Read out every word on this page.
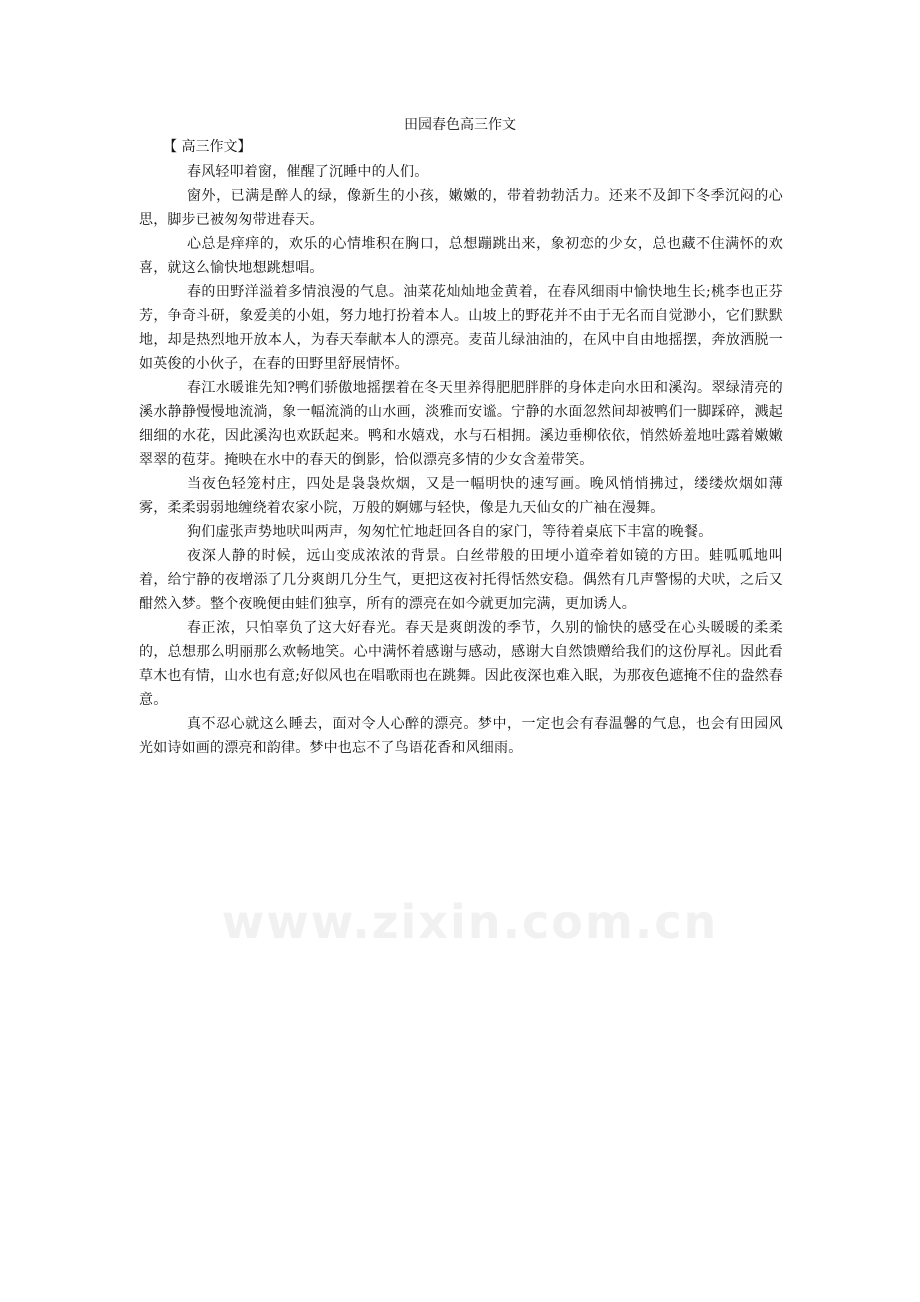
www.zixin.com.cn
田园春色高三作文
【 高三作文】

春风轻叩着窗，催醒了沉睡中的人们。

窗外，已满是醉人的绿，像新生的小孩，嫩嫩的，带着勃勃活力。还来不及卸下冬季沉闷的心思，脚步已被匆匆带进春天。

心总是痒痒的，欢乐的心情堆积在胸口，总想蹦跳出来，象初恋的少女，总也藏不住满怀的欢喜，就这么愉快地想跳想唱。

春的田野洋溢着多情浪漫的气息。油菜花灿灿地金黄着，在春风细雨中愉快地生长;桃李也正芬芳，争奇斗研，象爱美的小姐，努力地打扮着本人。山坡上的野花并不由于无名而自觉渺小，它们默默地，却是热烈地开放本人，为春天奉献本人的漂亮。麦苗儿绿油油的，在风中自由地摇摆，奔放洒脱一如英俊的小伙子，在春的田野里舒展情怀。

春江水暖谁先知?鸭们骄傲地摇摆着在冬天里养得肥肥胖胖的身体走向水田和溪沟。翠绿清亮的溪水静静慢慢地流淌，象一幅流淌的山水画，淡雅而安谧。宁静的水面忽然间却被鸭们一脚踩碎，溅起细细的水花，因此溪沟也欢跃起来。鸭和水嬉戏，水与石相拥。溪边垂柳依依，悄然娇羞地吐露着嫩嫩翠翠的苞芽。掩映在水中的春天的倒影，恰似漂亮多情的少女含羞带笑。

当夜色轻笼村庄，四处是袅袅炊烟，又是一幅明快的速写画。晚风悄悄拂过，缕缕炊烟如薄雾，柔柔弱弱地缠绕着农家小院，万般的婀娜与轻快，像是九天仙女的广袖在漫舞。

狗们虚张声势地吠叫两声，匆匆忙忙地赶回各自的家门，等待着桌底下丰富的晚餐。

夜深人静的时候，远山变成浓浓的背景。白丝带般的田埂小道牵着如镜的方田。蛙呱呱地叫着，给宁静的夜增添了几分爽朗几分生气，更把这夜衬托得恬然安稳。偶然有几声警惕的犬吠，之后又酣然入梦。整个夜晚便由蛙们独享，所有的漂亮在如今就更加完满，更加诱人。

春正浓，只怕辜负了这大好春光。春天是爽朗泼的季节，久别的愉快的感受在心头暖暖的柔柔的，总想那么明丽那么欢畅地笑。心中满怀着感谢与感动，感谢大自然馈赠给我们的这份厚礼。因此看草木也有情，山水也有意;好似风也在唱歌雨也在跳舞。因此夜深也难入眠，为那夜色遮掩不住的盎然春意。

真不忍心就这么睡去，面对令人心醉的漂亮。梦中，一定也会有春温馨的气息，也会有田园风光如诗如画的漂亮和韵律。梦中也忘不了鸟语花香和风细雨。
